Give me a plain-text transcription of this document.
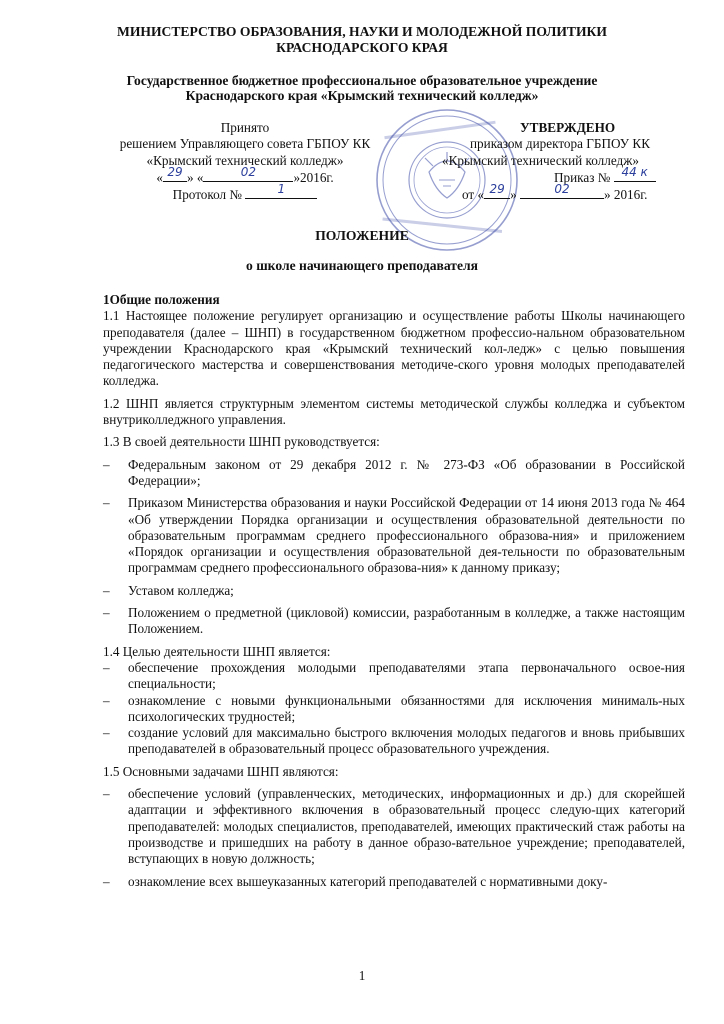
МИНИСТЕРСТВО ОБРАЗОВАНИЯ, НАУКИ И МОЛОДЕЖНОЙ ПОЛИТИКИ
КРАСНОДАРСКОГО КРАЯ
Государственное бюджетное профессиональное образовательное учреждение
Краснодарского края «Крымский технический колледж»
Принято
решением Управляющего совета ГБПОУ КК
«Крымский технический колледж»
« 29 » «	02	»2016г.
Протокол №	1
УТВЕРЖДЕНО
приказом директора ГБПОУ КК
«Крымский технический колледж»
Приказ № 44 к
от « 29 »	02	» 2016г.
ПОЛОЖЕНИЕ
о школе начинающего преподавателя

1Общие положения

1.1 Настоящее положение регулирует организацию и осуществление работы Школы начинающего преподавателя (далее – ШНП) в государственном бюджетном профессио-нальном образовательном учреждении Краснодарского края «Крымский технический кол-ледж» с целью повышения педагогического мастерства и совершенствования методиче-ского уровня молодых преподавателей колледжа.

1.2 ШНП является структурным элементом системы методической службы колледжа и субъектом внутриколледжного управления.

1.3 В своей деятельности ШНП руководствуется:

– Федеральным законом от 29 декабря 2012 г. № 273-ФЗ «Об образовании в Российской Федерации»;
– Приказом Министерства образования и науки Российской Федерации от 14 июня 2013 года № 464 «Об утверждении Порядка организации и осуществления образовательной деятельности по образовательным программам среднего профессионального образова-ния» и приложением «Порядок организации и осуществления образовательной дея-тельности по образовательным программам среднего профессионального образова-ния» к данному приказу;
– Уставом колледжа;
– Положением о предметной (цикловой) комиссии, разработанным в колледже, а также настоящим Положением.

1.4 Целью деятельности ШНП является:

– обеспечение прохождения молодыми преподавателями этапа первоначального освое-ния специальности;
– ознакомление с новыми функциональными обязанностями для исключения минималь-ных психологических трудностей;
– создание условий для максимально быстрого включения молодых педагогов и вновь прибывших преподавателей в образовательный процесс образовательного учреждения.

1.5 Основными задачами ШНП являются:

– обеспечение условий (управленческих, методических, информационных и др.) для скорейшей адаптации и эффективного включения в образовательный процесс следую-щих категорий преподавателей: молодых специалистов, преподавателей, имеющих практический стаж работы на производстве и пришедших на работу в данное образо-вательное учреждение; преподавателей, вступающих в новую должность;
– ознакомление всех вышеуказанных категорий преподавателей с нормативными доку-
1
